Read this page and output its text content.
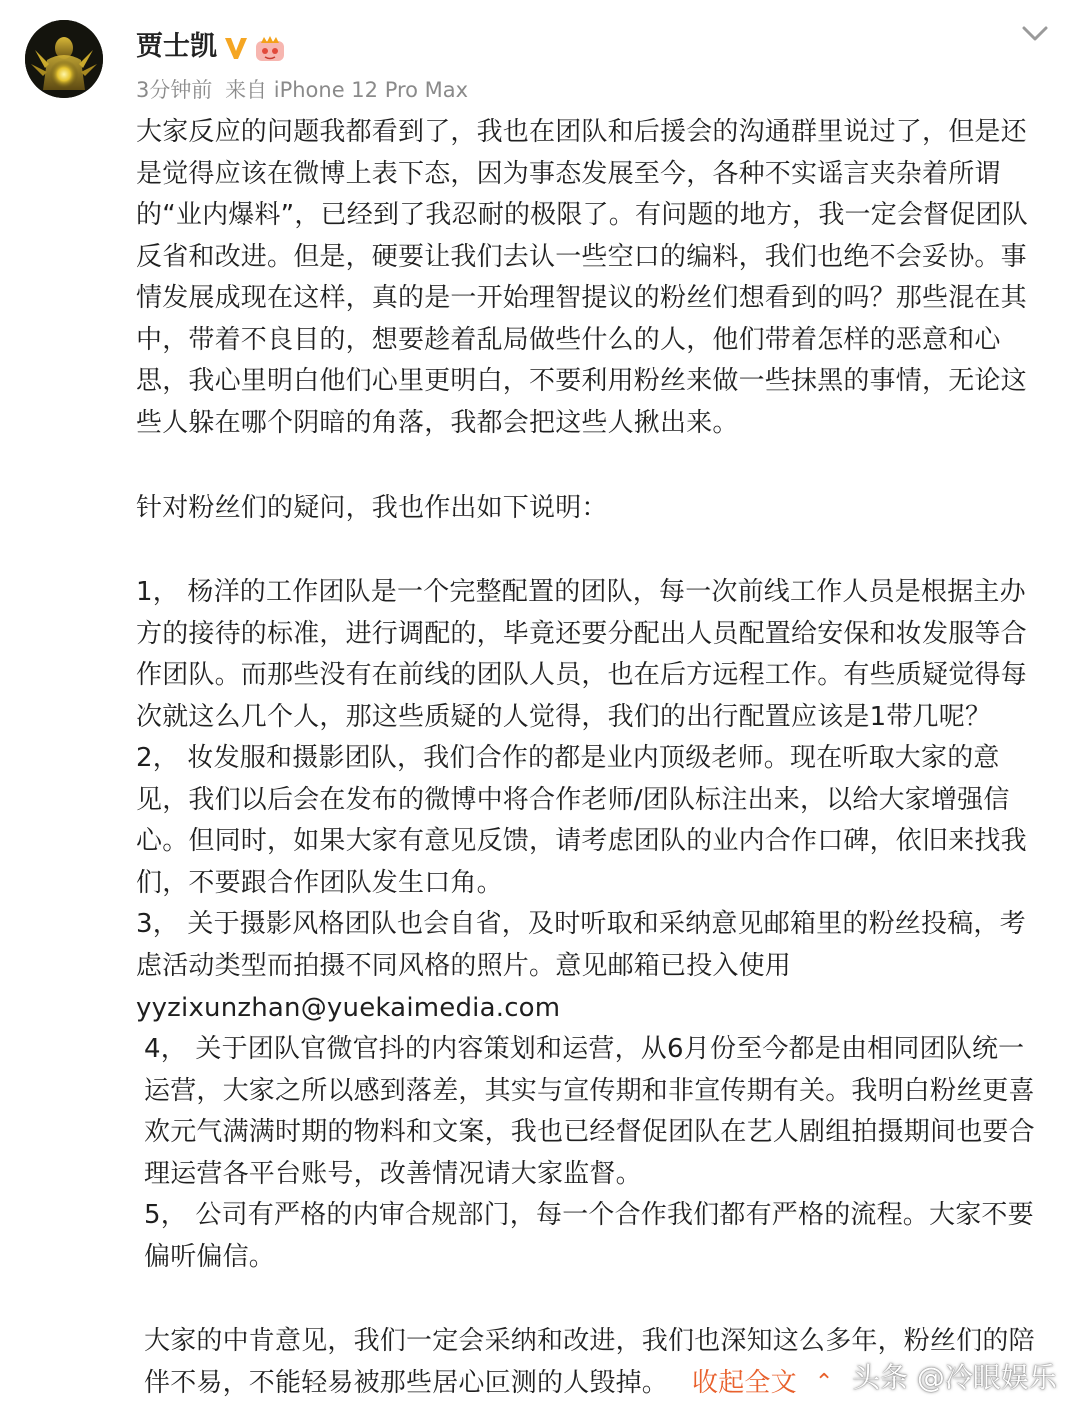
贾士凯
3分钟前 来自 iPhone 12 Pro Max

大家反应的问题我都看到了，我也在团队和后援会的沟通群里说过了，但是还是觉得应该在微博上表下态，因为事态发展至今，各种不实谣言夹杂着所谓的“业内爆料”，已经到了我忍耐的极限了。有问题的地方，我一定会督促团队反省和改进。但是，硬要让我们去认一些空口的编料，我们也绝不会妥协。事情发展成现在这样，真的是一开始理智提议的粉丝们想看到的吗？那些混在其中，带着不良目的，想要趁着乱局做些什么的人，他们带着怎样的恶意和心思，我心里明白他们心里更明白，不要利用粉丝来做一些抹黑的事情，无论这些人躲在哪个阴暗的角落，我都会把这些人揪出来。

针对粉丝们的疑问，我也作出如下说明：

1， 杨洋的工作团队是一个完整配置的团队，每一次前线工作人员是根据主办方的接待的标准，进行调配的，毕竟还要分配出人员配置给安保和妆发服等合作团队。而那些没有在前线的团队人员，也在后方远程工作。有些质疑觉得每次就这么几个人，那这些质疑的人觉得，我们的出行配置应该是1带几呢？

2， 妆发服和摄影团队，我们合作的都是业内顶级老师。现在听取大家的意见，我们以后会在发布的微博中将合作老师/团队标注出来，以给大家增强信心。但同时，如果大家有意见反馈，请考虑团队的业内合作口碑，依旧来找我们，不要跟合作团队发生口角。

3， 关于摄影风格团队也会自省，及时听取和采纳意见邮箱里的粉丝投稿，考虑活动类型而拍摄不同风格的照片。意见邮箱已投入使用

yyzixunzhan@yuekaimedia.com

4， 关于团队官微官抖的内容策划和运营，从6月份至今都是由相同团队统一运营，大家之所以感到落差，其实与宣传期和非宣传期有关。我明白粉丝更喜欢元气满满时期的物料和文案，我也已经督促团队在艺人剧组拍摄期间也要合理运营各平台账号，改善情况请大家监督。

5， 公司有严格的内审合规部门，每一个合作我们都有严格的流程。大家不要偏听偏信。

大家的中肯意见，我们一定会采纳和改进，我们也深知这么多年，粉丝们的陪伴不易，不能轻易被那些居心叵测的人毁掉。 收起全文 ⌃ 头条 @冷眼娱乐
